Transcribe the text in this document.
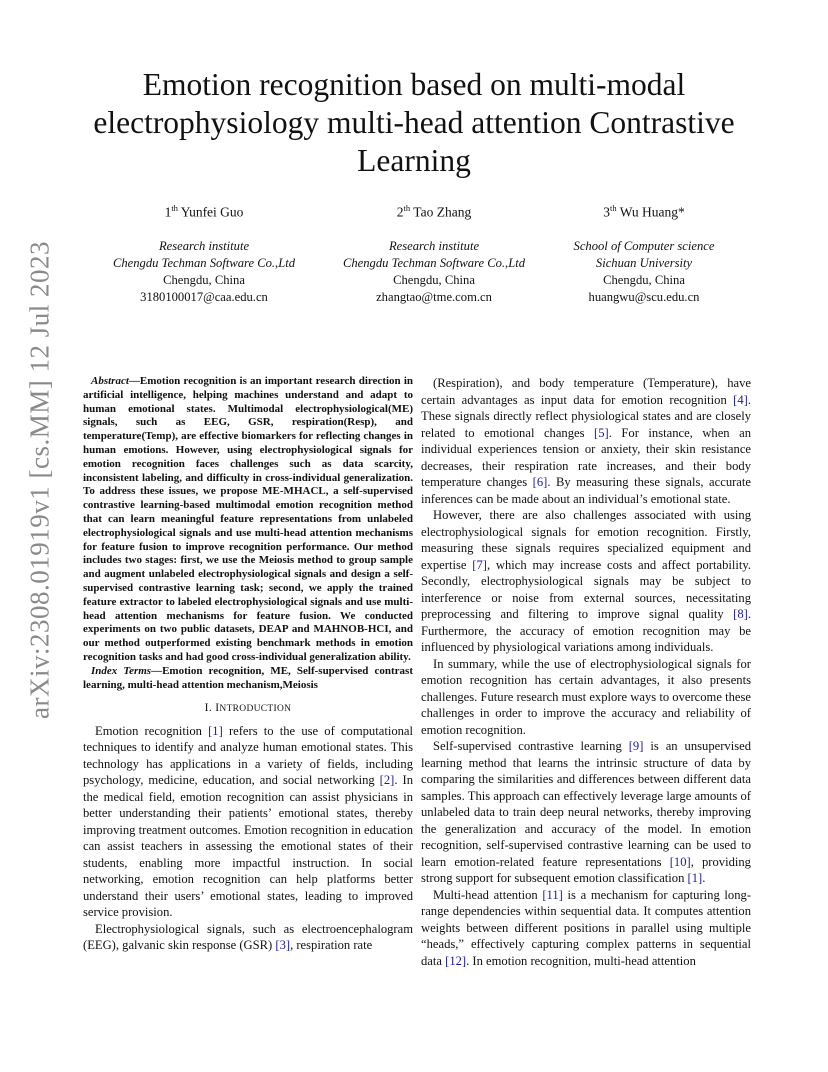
arXiv:2308.01919v1 [cs.MM] 12 Jul 2023
Emotion recognition based on multi-modal electrophysiology multi-head attention Contrastive Learning
1th Yunfei Guo
Research institute
Chengdu Techman Software Co.,Ltd
Chengdu, China
3180100017@caa.edu.cn
2th Tao Zhang
Research institute
Chengdu Techman Software Co.,Ltd
Chengdu, China
zhangtao@tme.com.cn
3th Wu Huang*
School of Computer science
Sichuan University
Chengdu, China
huangwu@scu.edu.cn

Abstract—Emotion recognition is an important research direction in artificial intelligence, helping machines understand and adapt to human emotional states. Multimodal electrophysiological(ME) signals, such as EEG, GSR, respiration(Resp), and temperature(Temp), are effective biomarkers for reflecting changes in human emotions. However, using electrophysiological signals for emotion recognition faces challenges such as data scarcity, inconsistent labeling, and difficulty in cross-individual generalization. To address these issues, we propose ME-MHACL, a self-supervised contrastive learning-based multimodal emotion recognition method that can learn meaningful feature representations from unlabeled electrophysiological signals and use multi-head attention mechanisms for feature fusion to improve recognition performance. Our method includes two stages: first, we use the Meiosis method to group sample and augment unlabeled electrophysiological signals and design a self-supervised contrastive learning task; second, we apply the trained feature extractor to labeled electrophysiological signals and use multi-head attention mechanisms for feature fusion. We conducted experiments on two public datasets, DEAP and MAHNOB-HCI, and our method outperformed existing benchmark methods in emotion recognition tasks and had good cross-individual generalization ability.

Index Terms—Emotion recognition, ME, Self-supervised contrast learning, multi-head attention mechanism,Meiosis

I. INTRODUCTION

Emotion recognition [1] refers to the use of computational techniques to identify and analyze human emotional states. This technology has applications in a variety of fields, including psychology, medicine, education, and social networking [2]. In the medical field, emotion recognition can assist physicians in better understanding their patients’ emotional states, thereby improving treatment outcomes. Emotion recognition in education can assist teachers in assessing the emotional states of their students, enabling more impactful instruction. In social networking, emotion recognition can help platforms better understand their users’ emotional states, leading to improved service provision.

Electrophysiological signals, such as electroencephalogram (EEG), galvanic skin response (GSR) [3], respiration rate

(Respiration), and body temperature (Temperature), have certain advantages as input data for emotion recognition [4]. These signals directly reflect physiological states and are closely related to emotional changes [5]. For instance, when an individual experiences tension or anxiety, their skin resistance decreases, their respiration rate increases, and their body temperature changes [6]. By measuring these signals, accurate inferences can be made about an individual’s emotional state.

However, there are also challenges associated with using electrophysiological signals for emotion recognition. Firstly, measuring these signals requires specialized equipment and expertise [7], which may increase costs and affect portability. Secondly, electrophysiological signals may be subject to interference or noise from external sources, necessitating preprocessing and filtering to improve signal quality [8]. Furthermore, the accuracy of emotion recognition may be influenced by physiological variations among individuals.

In summary, while the use of electrophysiological signals for emotion recognition has certain advantages, it also presents challenges. Future research must explore ways to overcome these challenges in order to improve the accuracy and reliability of emotion recognition.

Self-supervised contrastive learning [9] is an unsupervised learning method that learns the intrinsic structure of data by comparing the similarities and differences between different data samples. This approach can effectively leverage large amounts of unlabeled data to train deep neural networks, thereby improving the generalization and accuracy of the model. In emotion recognition, self-supervised contrastive learning can be used to learn emotion-related feature representations [10], providing strong support for subsequent emotion classification [1].

Multi-head attention [11] is a mechanism for capturing long-range dependencies within sequential data. It computes attention weights between different positions in parallel using multiple “heads,” effectively capturing complex patterns in sequential data [12]. In emotion recognition, multi-head attention
